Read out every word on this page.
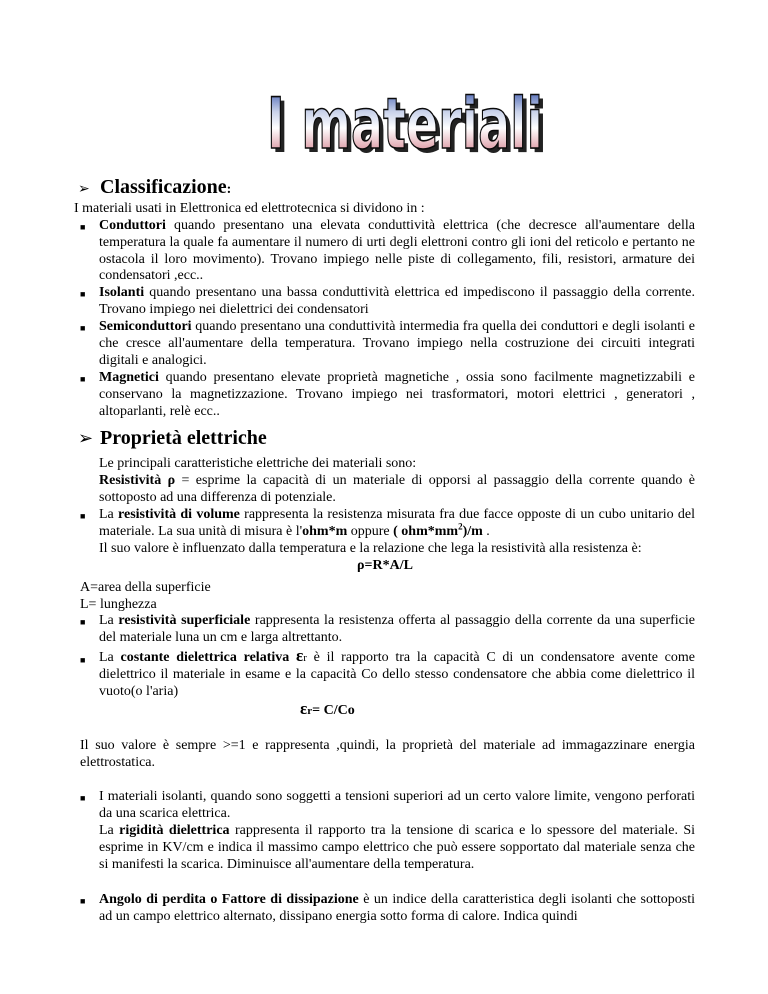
I materiali
I materiali
➢ Classificazione :
I materiali usati in Elettronica ed elettrotecnica si dividono in :
■ Conduttori quando presentano una elevata conduttività elettrica (che decresce all'aumentare della temperatura la quale fa aumentare il numero di urti degli elettroni contro gli ioni del reticolo e pertanto ne ostacola il loro movimento). Trovano impiego nelle piste di collegamento, fili, resistori, armature dei condensatori ,ecc..
■ Isolanti quando presentano una bassa conduttività elettrica ed impediscono il passaggio della corrente. Trovano impiego nei dielettrici dei condensatori
■ Semiconduttori quando presentano una conduttività intermedia fra quella dei conduttori e degli isolanti e che cresce all'aumentare della temperatura. Trovano impiego nella costruzione dei circuiti integrati digitali e analogici.
■ Magnetici quando presentano elevate proprietà magnetiche , ossia sono facilmente magnetizzabili e conservano la magnetizzazione. Trovano impiego nei trasformatori, motori elettrici , generatori , altoparlanti, relè ecc..
➢ Proprietà elettriche
Le principali caratteristiche elettriche dei materiali sono:
Resistività ρ = esprime la capacità di un materiale di opporsi al passaggio della corrente quando è sottoposto ad una differenza di potenziale.
■ La resistività di volume rappresenta la resistenza misurata fra due facce opposte di un cubo unitario del materiale. La sua unità di misura è l'ohm*m oppure ( $ohm*mm^2)/m$ .
Il suo valore è influenzato dalla temperatura e la relazione che lega la resistività alla resistenza è:
ρ=R*A/L
A=area della superficie
L= lunghezza
■ La resistività superficiale rappresenta la resistenza offerta al passaggio della corrente da una superficie del materiale luna un cm e larga altrettanto.
■ La costante dielettrica relativa εr è il rapporto tra la capacità C di un condensatore avente come dielettrico il materiale in esame e la capacità Co dello stesso condensatore che abbia come dielettrico il vuoto(o l'aria)
εr= C/Co
Il suo valore è sempre >=1 e rappresenta ,quindi, la proprietà del materiale ad immagazzinare energia elettrostatica.
■ I materiali isolanti, quando sono soggetti a tensioni superiori ad un certo valore limite, vengono perforati da una scarica elettrica.
La rigidità dielettrica rappresenta il rapporto tra la tensione di scarica e lo spessore del materiale. Si esprime in KV/cm e indica il massimo campo elettrico che può essere sopportato dal materiale senza che si manifesti la scarica. Diminuisce all'aumentare della temperatura.
■ Angolo di perdita o Fattore di dissipazione è un indice della caratteristica degli isolanti che sottoposti ad un campo elettrico alternato, dissipano energia sotto forma di calore. Indica quindi
